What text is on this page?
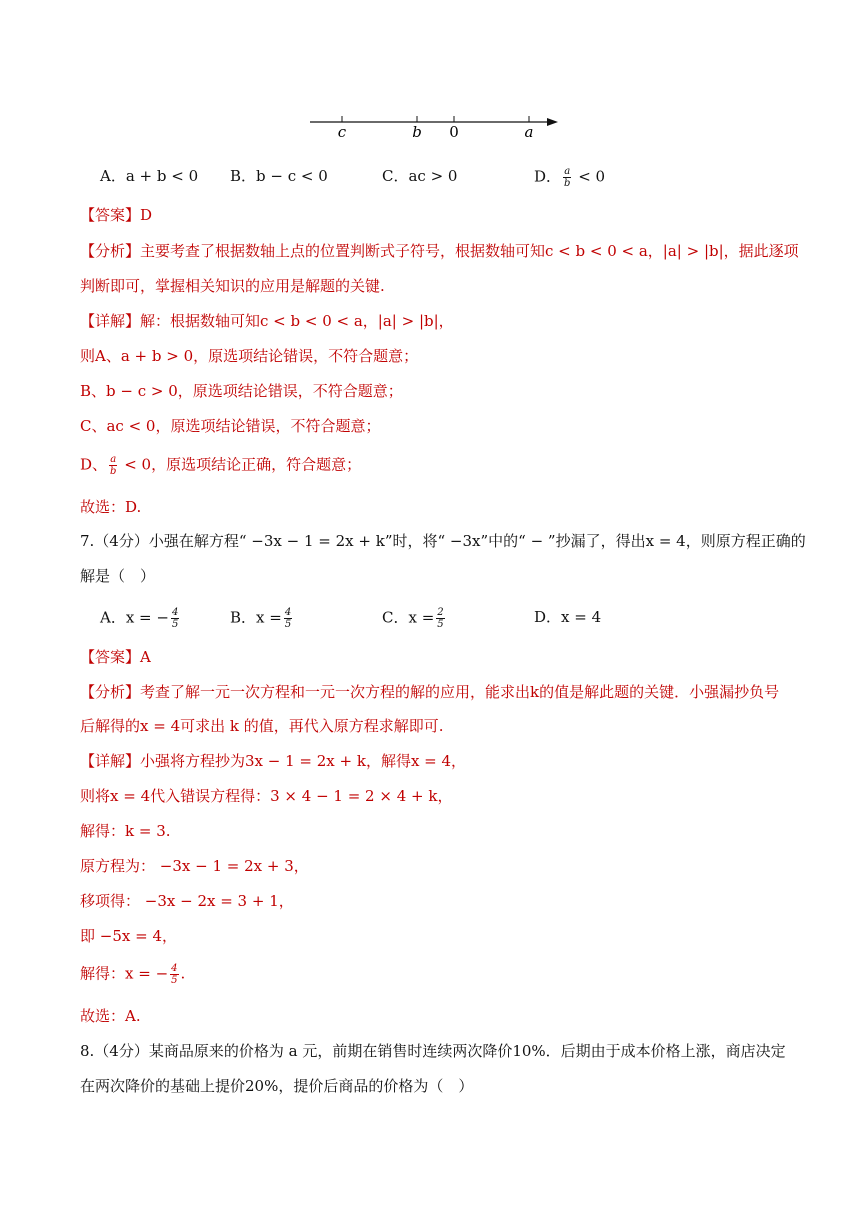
c	b 0	a
A．a + b < 0 B．b − c < 0	C．ac > 0	D． $\frac{a}{b} < 0$
【答案】D
【分析】主要考查了根据数轴上点的位置判断式子符号，根据数轴可知c < b < 0 < a，|a| > |b|，据此逐项
判断即可，掌握相关知识的应用是解题的关键.
【详解】解：根据数轴可知c < b < 0 < a，|a| > |b|，
则A、a + b > 0，原选项结论错误，不符合题意；
B、b − c > 0，原选项结论错误，不符合题意；
C、ac < 0，原选项结论错误，不符合题意；
D、 $\frac{a}{b} < 0$，原选项结论正确，符合题意；
故选：D.
7.（4分）小强在解方程“ −3x − 1 = 2x + k”时，将“ −3x”中的“ − ”抄漏了，得出x = 4，则原方程正确的
解是（　）
A．x = − $\frac{4}{5}$	B．$x = \frac{4}{5}$	C．$x = \frac{2}{5}$	D．x = 4
【答案】A
【分析】考查了解一元一次方程和一元一次方程的解的应用，能求出k的值是解此题的关键．小强漏抄负号
后解得的x = 4可求出 k 的值，再代入原方程求解即可.
【详解】小强将方程抄为3x − 1 = 2x + k，解得x = 4，
则将x = 4代入错误方程得：3 × 4 − 1 = 2 × 4 + k，
解得：k = 3.
原方程为： −3x − 1 = 2x + 3，
移项得： −3x − 2x = 3 + 1，
即 −5x = 4，
解得：x = − $\frac{4}{5}$ .
故选：A.
8.（4分）某商品原来的价格为 a 元，前期在销售时连续两次降价10%．后期由于成本价格上涨，商店决定
在两次降价的基础上提价20%，提价后商品的价格为（　）
